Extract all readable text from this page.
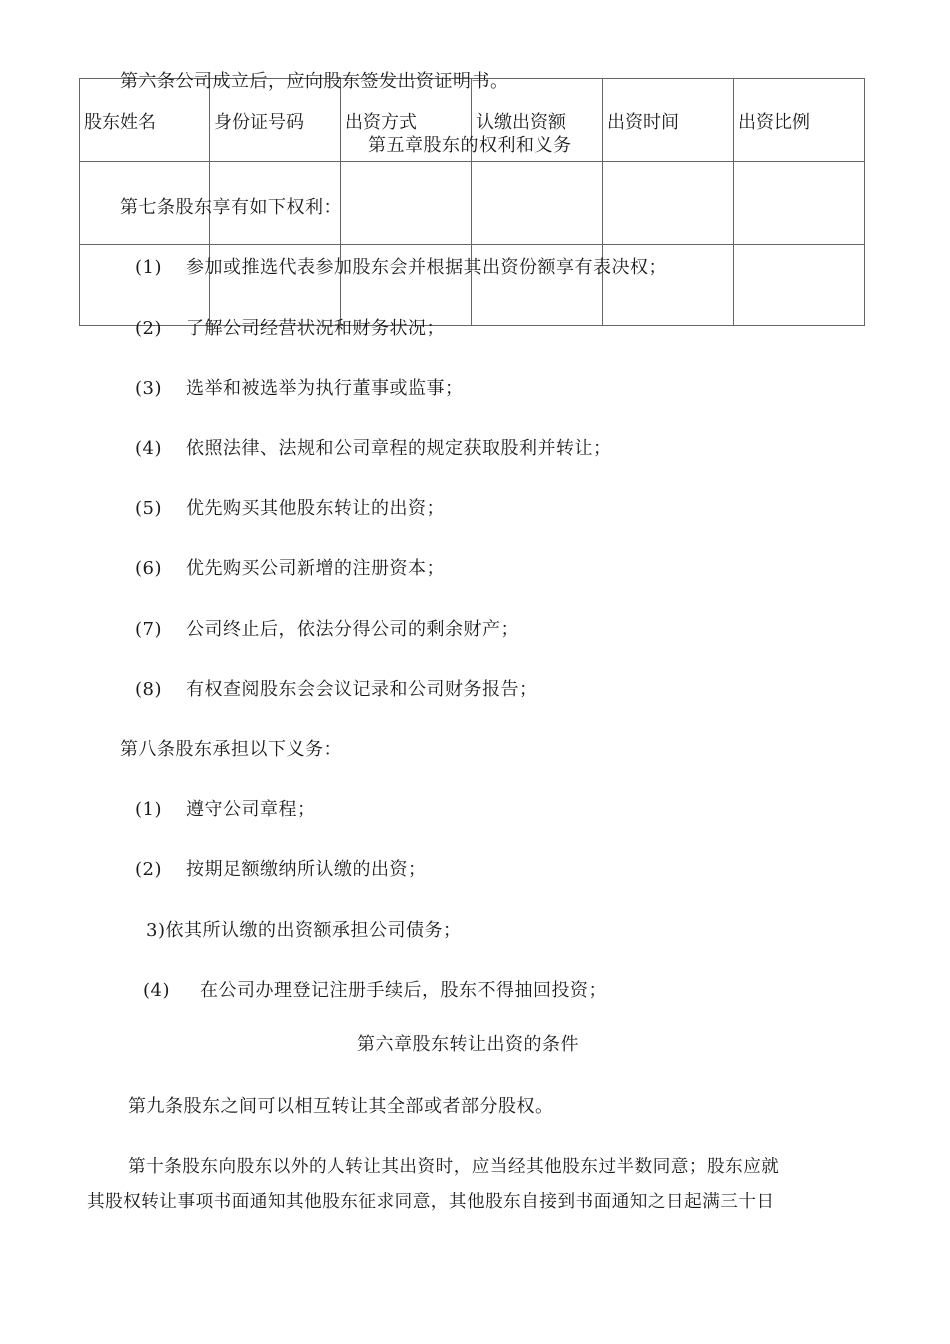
股东姓名	身份证号码	出资方式	认缴出资额	出资时间	出资比例

第六条公司成立后，应向股东签发出资证明书。
第五章股东的权利和义务
第七条股东享有如下权利：
(1) 参加或推选代表参加股东会并根据其出资份额享有表决权；
(2) 了解公司经营状况和财务状况；
(3) 选举和被选举为执行董事或监事；
(4) 依照法律、法规和公司章程的规定获取股利并转让；
(5) 优先购买其他股东转让的出资；
(6) 优先购买公司新增的注册资本；
(7) 公司终止后，依法分得公司的剩余财产；
(8) 有权查阅股东会会议记录和公司财务报告；
第八条股东承担以下义务：
(1) 遵守公司章程；
(2) 按期足额缴纳所认缴的出资；
3)依其所认缴的出资额承担公司债务；
(4) 在公司办理登记注册手续后，股东不得抽回投资；
第六章股东转让出资的条件
第九条股东之间可以相互转让其全部或者部分股权。
第十条股东向股东以外的人转让其出资时，应当经其他股东过半数同意；股东应就
其股权转让事项书面通知其他股东征求同意，其他股东自接到书面通知之日起满三十日
